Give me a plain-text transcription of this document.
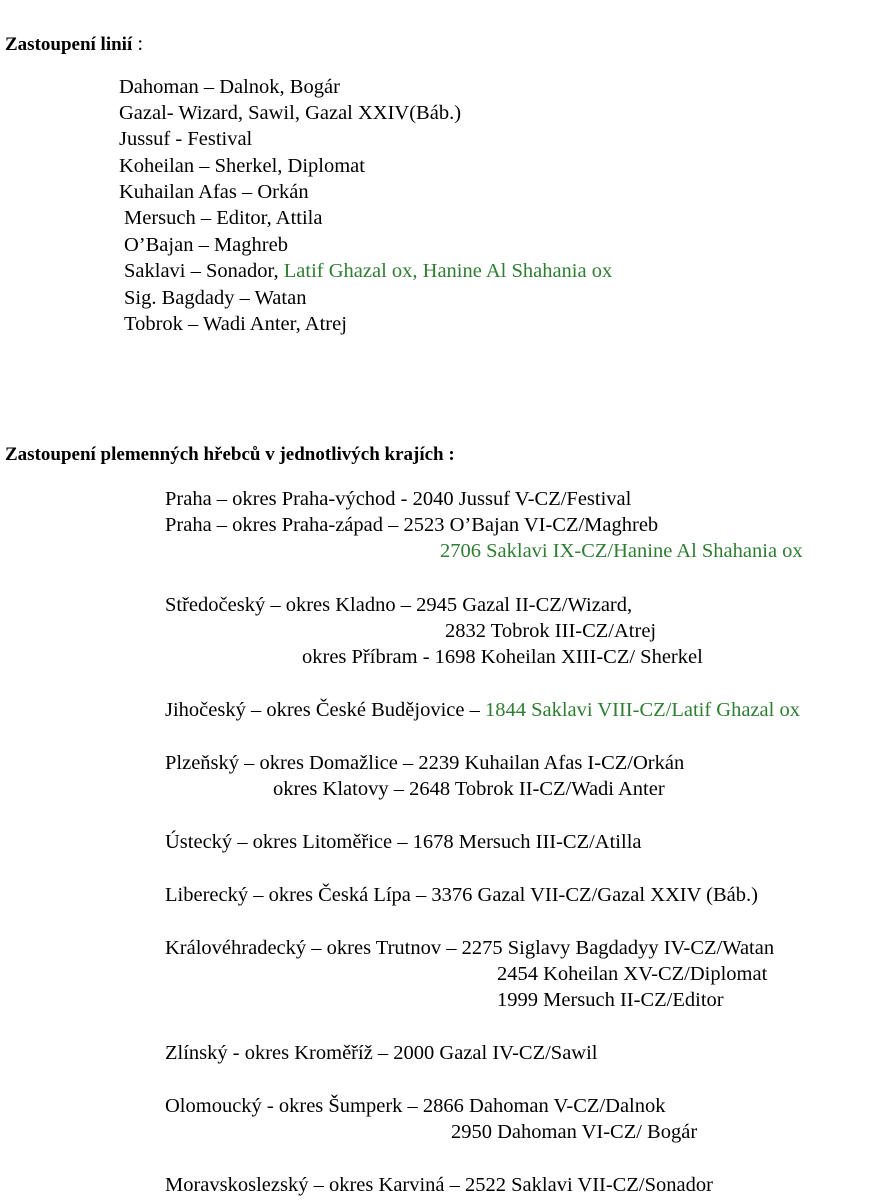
Zastoupení linií :
Dahoman – Dalnok, Bogár
Gazal- Wizard, Sawil, Gazal XXIV(Báb.)
Jussuf - Festival
Koheilan – Sherkel, Diplomat
Kuhailan Afas – Orkán
Mersuch – Editor, Attila
O’Bajan – Maghreb
Saklavi – Sonador, Latif Ghazal ox, Hanine Al Shahania ox
Sig. Bagdady – Watan
Tobrok – Wadi Anter, Atrej
Zastoupení plemenných hřebců v jednotlivých krajích :
Praha – okres Praha-východ - 2040 Jussuf V-CZ/Festival
Praha – okres Praha-západ – 2523 O’Bajan VI-CZ/Maghreb
2706 Saklavi IX-CZ/Hanine Al Shahania ox
Středočeský – okres Kladno – 2945 Gazal II-CZ/Wizard,
2832 Tobrok III-CZ/Atrej
okres Příbram - 1698 Koheilan XIII-CZ/ Sherkel
Jihočeský – okres České Budějovice – 1844 Saklavi VIII-CZ/Latif Ghazal ox
Plzeňský – okres Domažlice – 2239 Kuhailan Afas I-CZ/Orkán
okres Klatovy – 2648 Tobrok II-CZ/Wadi Anter
Ústecký – okres Litoměřice – 1678 Mersuch III-CZ/Atilla
Liberecký – okres Česká Lípa – 3376 Gazal VII-CZ/Gazal XXIV (Báb.)
Královéhradecký – okres Trutnov – 2275 Siglavy Bagdadyy IV-CZ/Watan
2454 Koheilan XV-CZ/Diplomat
1999 Mersuch II-CZ/Editor
Zlínský - okres Kroměříž – 2000 Gazal IV-CZ/Sawil
Olomoucký - okres Šumperk – 2866 Dahoman V-CZ/Dalnok
2950 Dahoman VI-CZ/ Bogár
Moravskoslezský – okres Karviná – 2522 Saklavi VII-CZ/Sonador
